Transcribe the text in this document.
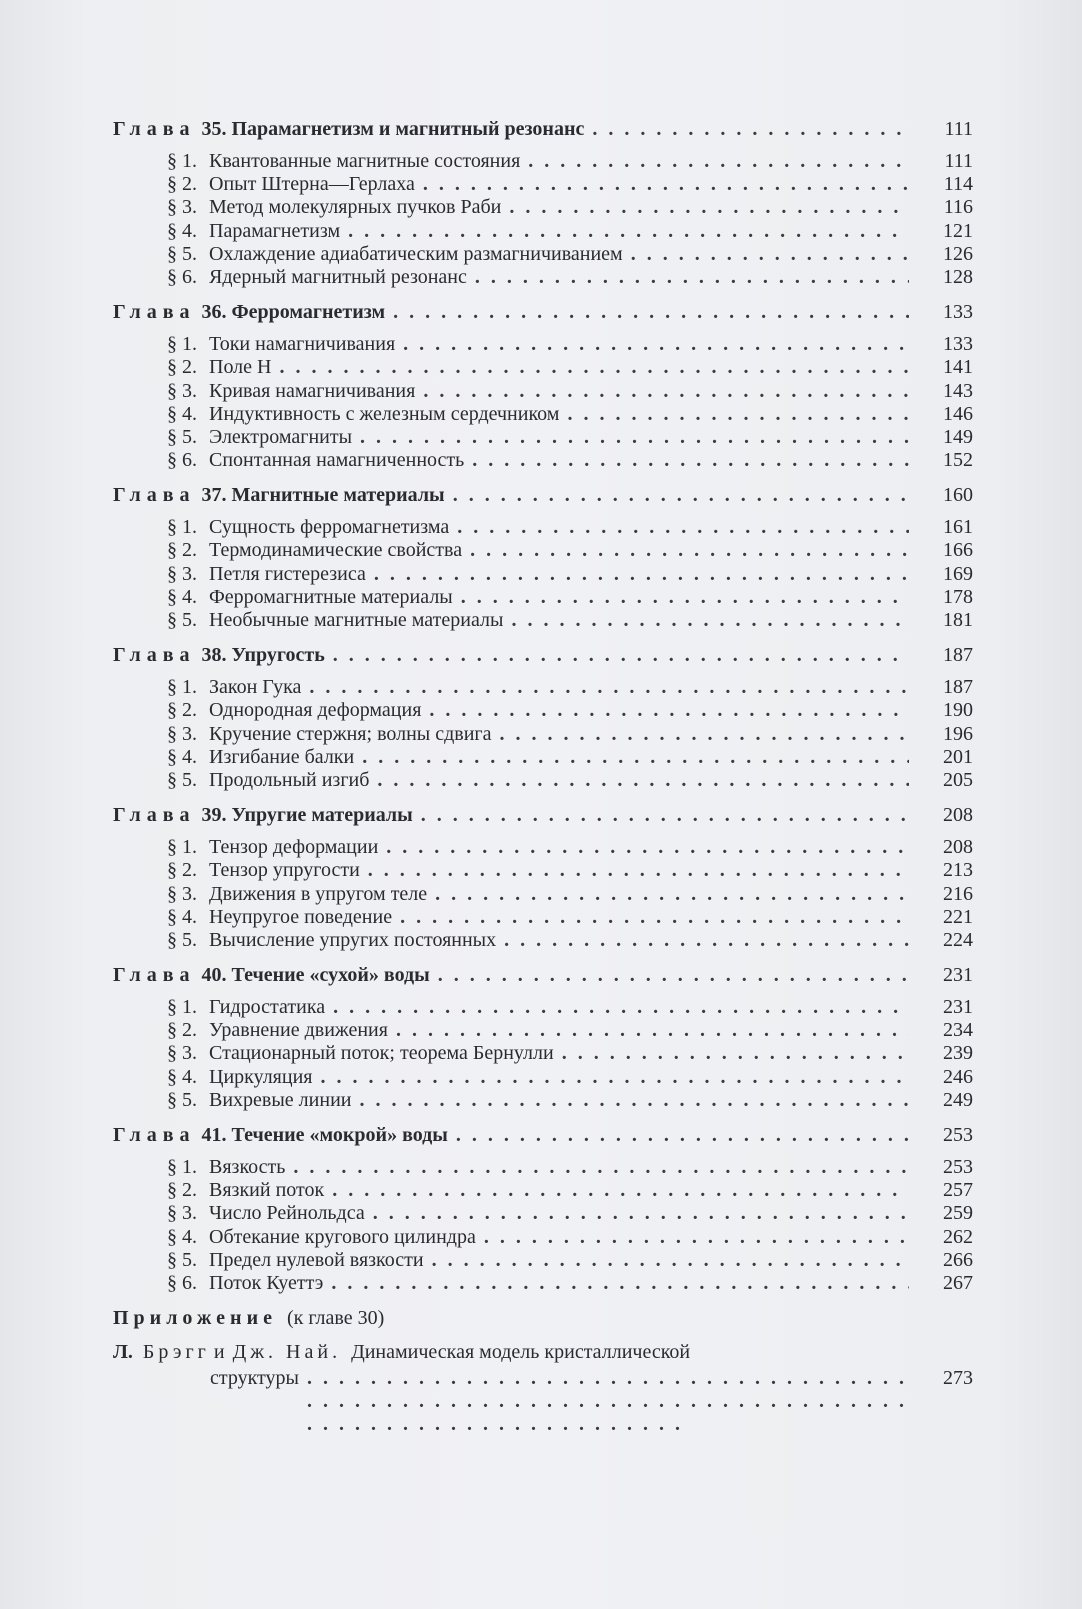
Глава 35. Парамагнетизм и магнитный резонанс . . .	111
§ 1. Квантованные магнитные состояния . . .	111
§ 2. Опыт Штерна—Герлаха . . .	114
§ 3. Метод молекулярных пучков Раби . . .	116
§ 4. Парамагнетизм . . .	121
§ 5. Охлаждение адиабатическим размагничиванием . . .	126
§ 6. Ядерный магнитный резонанс . . .	128
Глава 36. Ферромагнетизм . . .	133
§ 1. Токи намагничивания . . .	133
§ 2. Поле Н . . .	141
§ 3. Кривая намагничивания . . .	143
§ 4. Индуктивность с железным сердечником . . .	146
§ 5. Электромагниты . . .	149
§ 6. Спонтанная намагниченность . . .	152
Глава 37. Магнитные материалы . . .	160
§ 1. Сущность ферромагнетизма . . .	161
§ 2. Термодинамические свойства . . .	166
§ 3. Петля гистерезиса . . .	169
§ 4. Ферромагнитные материалы . . .	178
§ 5. Необычные магнитные материалы . . .	181
Глава 38. Упругость . . .	187
§ 1. Закон Гука . . .	187
§ 2. Однородная деформация . . .	190
§ 3. Кручение стержня; волны сдвига . . .	196
§ 4. Изгибание балки . . .	201
§ 5. Продольный изгиб . . .	205
Глава 39. Упругие материалы . . .	208
§ 1. Тензор деформации . . .	208
§ 2. Тензор упругости . . .	213
§ 3. Движения в упругом теле . . .	216
§ 4. Неупругое поведение . . .	221
§ 5. Вычисление упругих постоянных . . .	224
Глава 40. Течение «сухой» воды . . .	231
§ 1. Гидростатика . . .	231
§ 2. Уравнение движения . . .	234
§ 3. Стационарный поток; теорема Бернулли . . .	239
§ 4. Циркуляция . . .	246
§ 5. Вихревые линии . . .	249
Глава 41. Течение «мокрой» воды . . .	253
§ 1. Вязкость . . .	253
§ 2. Вязкий поток . . .	257
§ 3. Число Рейнольдса . . .	259
§ 4. Обтекание кругового цилиндра . . .	262
§ 5. Предел нулевой вязкости . . .	266
§ 6. Поток Куеттэ . . .	267
Приложение (к главе 30)
Л. Брэгг и Дж. Най. Динамическая модель кристаллической
структуры . . .	273
